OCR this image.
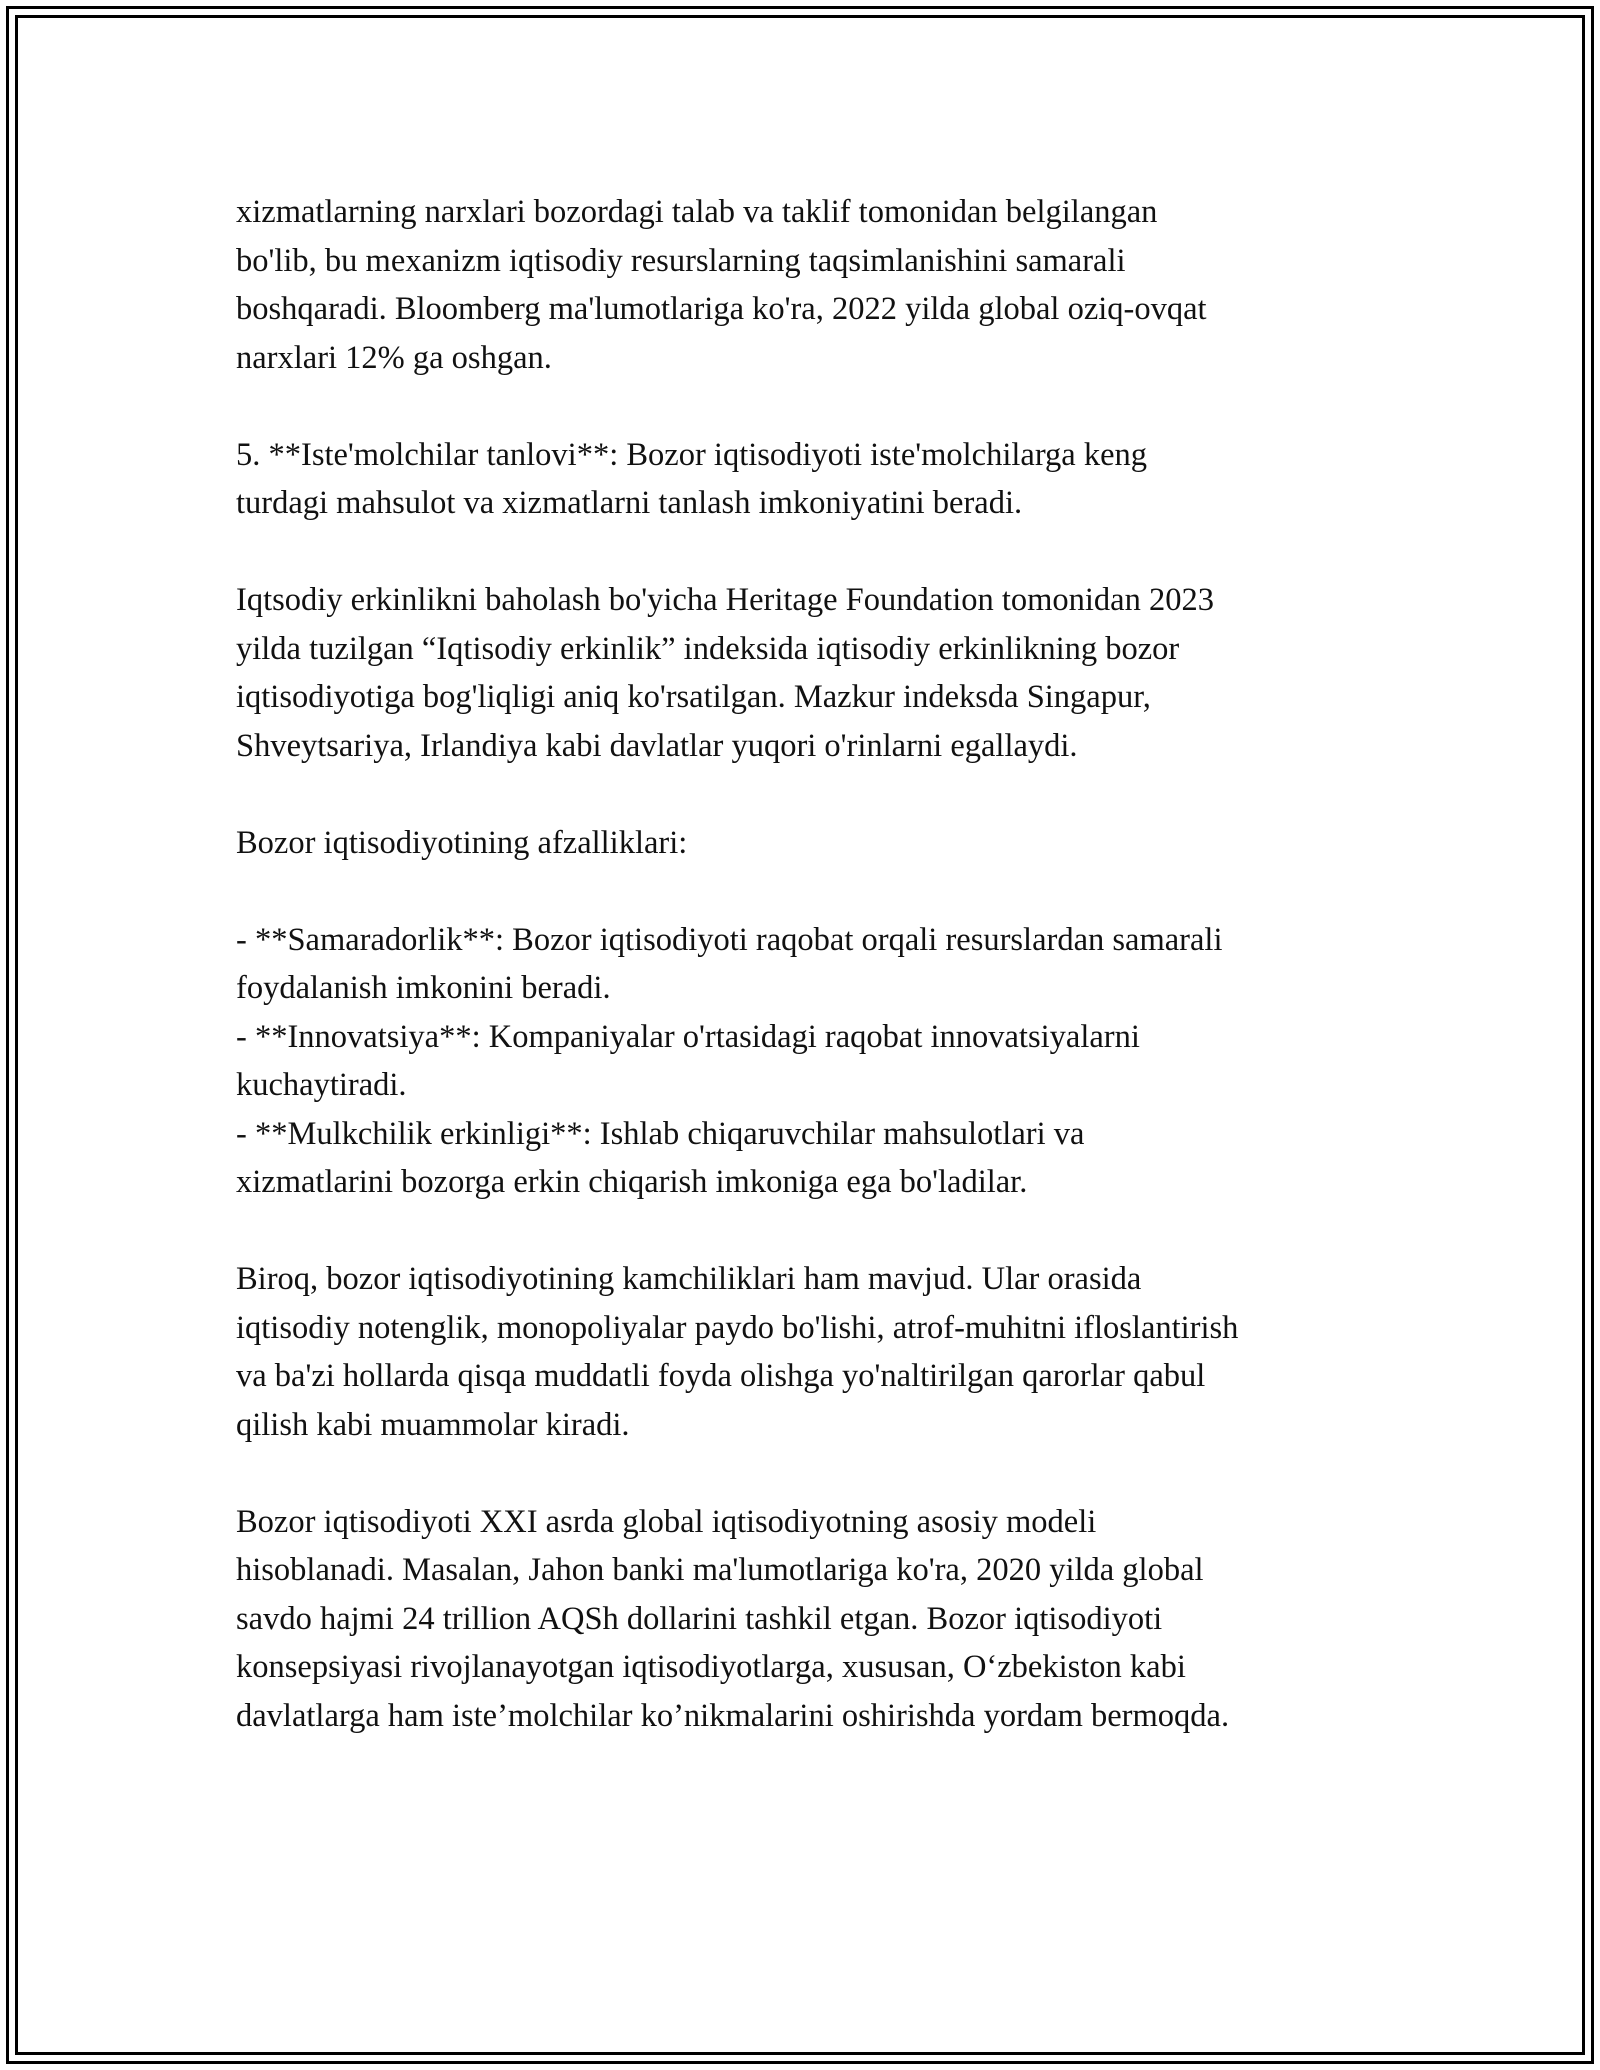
xizmatlarning narxlari bozordagi talab va taklif tomonidan belgilangan
bo'lib, bu mexanizm iqtisodiy resurslarning taqsimlanishini samarali
boshqaradi. Bloomberg ma'lumotlariga ko'ra, 2022 yilda global oziq-ovqat
narxlari 12% ga oshgan.

5. **Iste'molchilar tanlovi**: Bozor iqtisodiyoti iste'molchilarga keng
turdagi mahsulot va xizmatlarni tanlash imkoniyatini beradi.

Iqtsodiy erkinlikni baholash bo'yicha Heritage Foundation tomonidan 2023
yilda tuzilgan “Iqtisodiy erkinlik” indeksida iqtisodiy erkinlikning bozor
iqtisodiyotiga bog'liqligi aniq ko'rsatilgan. Mazkur indeksda Singapur,
Shveytsariya, Irlandiya kabi davlatlar yuqori o'rinlarni egallaydi.

Bozor iqtisodiyotining afzalliklari:

- **Samaradorlik**: Bozor iqtisodiyoti raqobat orqali resurslardan samarali
foydalanish imkonini beradi.

- **Innovatsiya**: Kompaniyalar o'rtasidagi raqobat innovatsiyalarni
kuchaytiradi.

- **Mulkchilik erkinligi**: Ishlab chiqaruvchilar mahsulotlari va
xizmatlarini bozorga erkin chiqarish imkoniga ega bo'ladilar.

Biroq, bozor iqtisodiyotining kamchiliklari ham mavjud. Ular orasida
iqtisodiy notenglik, monopoliyalar paydo bo'lishi, atrof-muhitni ifloslantirish
va ba'zi hollarda qisqa muddatli foyda olishga yo'naltirilgan qarorlar qabul
qilish kabi muammolar kiradi.

Bozor iqtisodiyoti XXI asrda global iqtisodiyotning asosiy modeli
hisoblanadi. Masalan, Jahon banki ma'lumotlariga ko'ra, 2020 yilda global
savdo hajmi 24 trillion AQSh dollarini tashkil etgan. Bozor iqtisodiyoti
konsepsiyasi rivojlanayotgan iqtisodiyotlarga, xususan, O‘zbekiston kabi
davlatlarga ham iste’molchilar ko’nikmalarini oshirishda yordam bermoqda.
